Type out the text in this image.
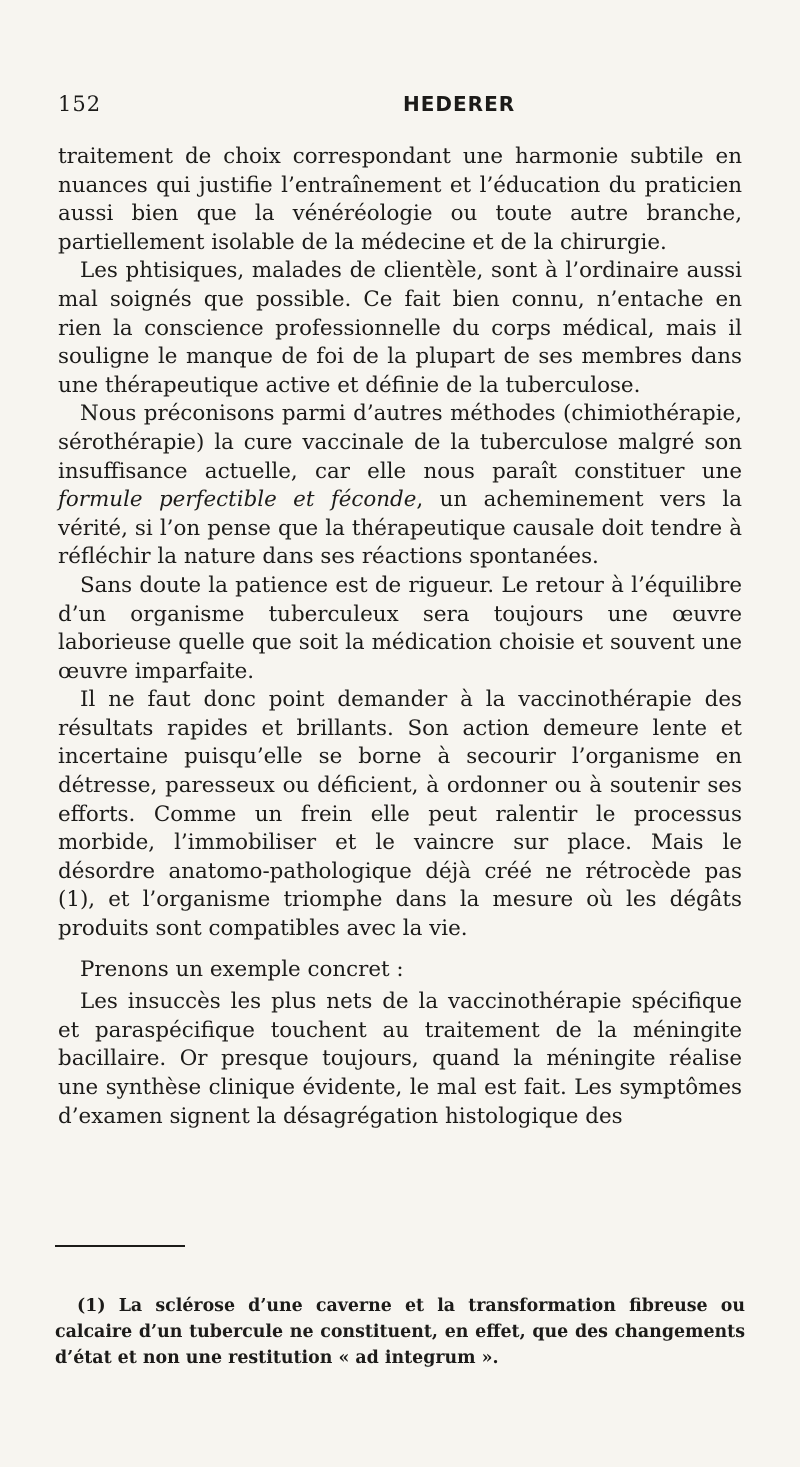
152	HEDERER

traitement de choix correspondant une harmonie subtile en nuances qui justifie l’entraînement et l’éducation du praticien aussi bien que la vénéréologie ou toute autre branche, partiellement isolable de la médecine et de la chirurgie.

Les phtisiques, malades de clientèle, sont à l’ordinaire aussi mal soignés que possible. Ce fait bien connu, n’entache en rien la conscience professionnelle du corps médical, mais il souligne le manque de foi de la plupart de ses membres dans une thérapeutique active et définie de la tuberculose.

Nous préconisons parmi d’autres méthodes (chimiothérapie, sérothérapie) la cure vaccinale de la tuberculose malgré son insuffisance actuelle, car elle nous paraît constituer une formule perfectible et féconde, un acheminement vers la vérité, si l’on pense que la thérapeutique causale doit tendre à réfléchir la nature dans ses réactions spontanées.

Sans doute la patience est de rigueur. Le retour à l’équilibre d’un organisme tuberculeux sera toujours une œuvre laborieuse quelle que soit la médication choisie et souvent une œuvre imparfaite.

Il ne faut donc point demander à la vaccinothérapie des résultats rapides et brillants. Son action demeure lente et incertaine puisqu’elle se borne à secourir l’organisme en détresse, paresseux ou déficient, à ordonner ou à soutenir ses efforts. Comme un frein elle peut ralentir le processus morbide, l’immobiliser et le vaincre sur place. Mais le désordre anatomo-pathologique déjà créé ne rétrocède pas (1), et l’organisme triomphe dans la mesure où les dégâts produits sont compatibles avec la vie.

Prenons un exemple concret :

Les insuccès les plus nets de la vaccinothérapie spécifique et paraspécifique touchent au traitement de la méningite bacillaire. Or presque toujours, quand la méningite réalise une synthèse clinique évidente, le mal est fait. Les symptômes d’examen signent la désagrégation histologique des

(1) La sclérose d’une caverne et la transformation fibreuse ou calcaire d’un tubercule ne constituent, en effet, que des changements d’état et non une restitution « ad integrum ».
